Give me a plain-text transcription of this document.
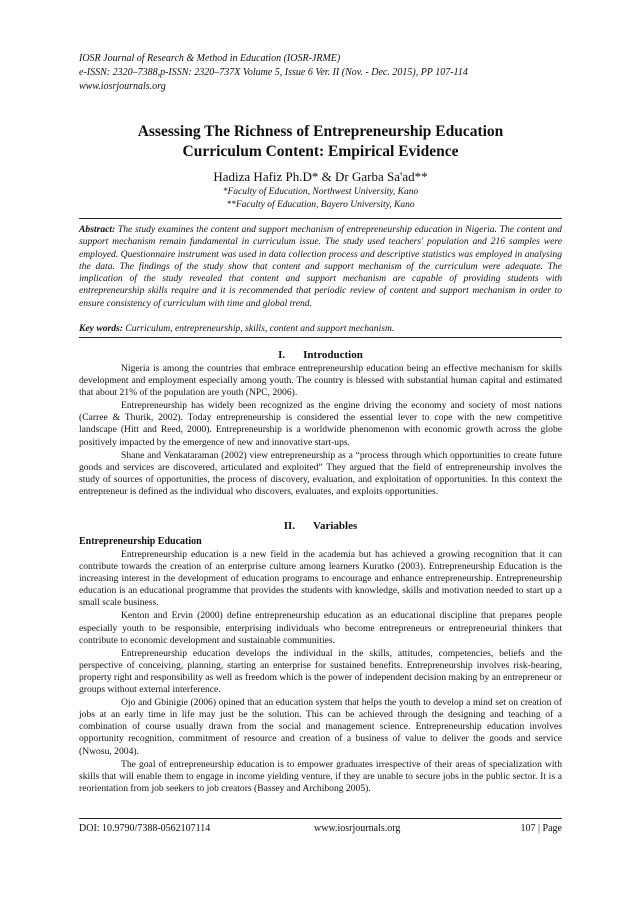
IOSR Journal of Research & Method in Education (IOSR-JRME)
e-ISSN: 2320–7388,p-ISSN: 2320–737X Volume 5, Issue 6 Ver. II (Nov. - Dec. 2015), PP 107-114
www.iosrjournals.org
Assessing The Richness of Entrepreneurship Education
Curriculum Content: Empirical Evidence
Hadiza Hafiz Ph.D* & Dr Garba Sa'ad**
*Faculty of Education, Northwest University, Kano
**Faculty of Education, Bayero University, Kano
Abstract: The study examines the content and support mechanism of entrepreneurship education in Nigeria. The content and support mechanism remain fundamental in curriculum issue. The study used teachers' population and 216 samples were employed. Questionnaire instrument was used in data collection process and descriptive statistics was employed in analysing the data. The findings of the study show that content and support mechanism of the curriculum were adequate. The implication of the study revealed that content and support mechanism are capable of providing students with entrepreneurship skills require and it is recommended that periodic review of content and support mechanism in order to ensure consistency of curriculum with time and global trend.
Key words: Curriculum, entrepreneurship, skills, content and support mechanism.
I. Introduction

Nigeria is among the countries that embrace entrepreneurship education being an effective mechanism for skills development and employment especially among youth. The country is blessed with substantial human capital and estimated that about 21% of the population are youth (NPC, 2006).

Entrepreneurship has widely been recognized as the engine driving the economy and society of most nations (Carree & Thurik, 2002). Today entrepreneurship is considered the essential lever to cope with the new competitive landscape (Hitt and Reed, 2000). Entrepreneurship is a worldwide phenomenon with economic growth across the globe positively impacted by the emergence of new and innovative start-ups.

Shane and Venkataraman (2002) view entrepreneurship as a “process through which opportunities to create future goods and services are discovered, articulated and exploited” They argued that the field of entrepreneurship involves the study of sources of opportunities, the process of discovery, evaluation, and exploitation of opportunities. In this context the entrepreneur is defined as the individual who discovers, evaluates, and exploits opportunities.

II. Variables
Entrepreneurship Education

Entrepreneurship education is a new field in the academia but has achieved a growing recognition that it can contribute towards the creation of an enterprise culture among learners Kuratko (2003). Entrepreneurship Education is the increasing interest in the development of education programs to encourage and enhance entrepreneurship. Entrepreneurship education is an educational programme that provides the students with knowledge, skills and motivation needed to start up a small scale business.

Kenton and Ervin (2000) define entrepreneurship education as an educational discipline that prepares people especially youth to be responsible, enterprising individuals who become entrepreneurs or entrepreneurial thinkers that contribute to economic development and sustainable communities.

Entrepreneurship education develops the individual in the skills, attitudes, competencies, beliefs and the perspective of conceiving, planning, starting an enterprise for sustained benefits. Entrepreneurship involves risk-bearing, property right and responsibility as well as freedom which is the power of independent decision making by an entrepreneur or groups without external interference.

Ojo and Gbinigie (2006) opined that an education system that helps the youth to develop a mind set on creation of jobs at an early time in life may just be the solution. This can be achieved through the designing and teaching of a combination of course usually drawn from the social and management science. Entrepreneurship education involves opportunity recognition, commitment of resource and creation of a business of value to deliver the goods and service (Nwosu, 2004).

The goal of entrepreneurship education is to empower graduates irrespective of their areas of specialization with skills that will enable them to engage in income yielding venture, if they are unable to secure jobs in the public sector. It is a reorientation from job seekers to job creators (Bassey and Archibong 2005).

DOI: 10.9790/7388-0562107114	www.iosrjournals.org	107 | Page
